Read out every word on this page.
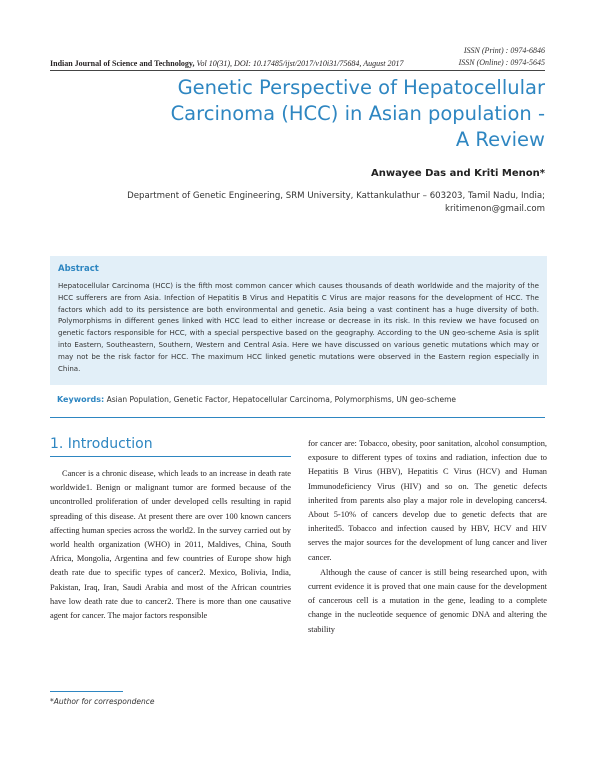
ISSN (Print) : 0974-6846
ISSN (Online) : 0974-5645
Indian Journal of Science and Technology, Vol 10(31), DOI: 10.17485/ijst/2017/v10i31/75684, August 2017
Genetic Perspective of Hepatocellular Carcinoma (HCC) in Asian population - A Review
Anwayee Das and Kriti Menon*
Department of Genetic Engineering, SRM University, Kattankulathur – 603203, Tamil Nadu, India;
kritimenon@gmail.com
Abstract
Hepatocellular Carcinoma (HCC) is the fifth most common cancer which causes thousands of death worldwide and the majority of the HCC sufferers are from Asia. Infection of Hepatitis B Virus and Hepatitis C Virus are major reasons for the development of HCC. The factors which add to its persistence are both environmental and genetic. Asia being a vast continent has a huge diversity of both. Polymorphisms in different genes linked with HCC lead to either increase or decrease in its risk. In this review we have focused on genetic factors responsible for HCC, with a special perspective based on the geography. According to the UN geo-scheme Asia is split into Eastern, Southeastern, Southern, Western and Central Asia. Here we have discussed on various genetic mutations which may or may not be the risk factor for HCC. The maximum HCC linked genetic mutations were observed in the Eastern region especially in China.
Keywords: Asian Population, Genetic Factor, Hepatocellular Carcinoma, Polymorphisms, UN geo-scheme
1. Introduction

Cancer is a chronic disease, which leads to an increase in death rate worldwide1. Benign or malignant tumor are formed because of the uncontrolled proliferation of under developed cells resulting in rapid spreading of this disease. At present there are over 100 known cancers affecting human species across the world2. In the survey carried out by world health organization (WHO) in 2011, Maldives, China, South Africa, Mongolia, Argentina and few countries of Europe show high death rate due to specific types of cancer2. Mexico, Bolivia, India, Pakistan, Iraq, Iran, Saudi Arabia and most of the African countries have low death rate due to cancer2. There is more than one causative agent for cancer. The major factors responsible

for cancer are: Tobacco, obesity, poor sanitation, alcohol consumption, exposure to different types of toxins and radiation, infection due to Hepatitis B Virus (HBV), Hepatitis C Virus (HCV) and Human Immunodeficiency Virus (HIV) and so on. The genetic defects inherited from parents also play a major role in developing cancers4. About 5-10% of cancers develop due to genetic defects that are inherited5. Tobacco and infection caused by HBV, HCV and HIV serves the major sources for the development of lung cancer and liver cancer.

Although the cause of cancer is still being researched upon, with current evidence it is proved that one main cause for the development of cancerous cell is a mutation in the gene, leading to a complete change in the nucleotide sequence of genomic DNA and altering the stability

*Author for correspondence
